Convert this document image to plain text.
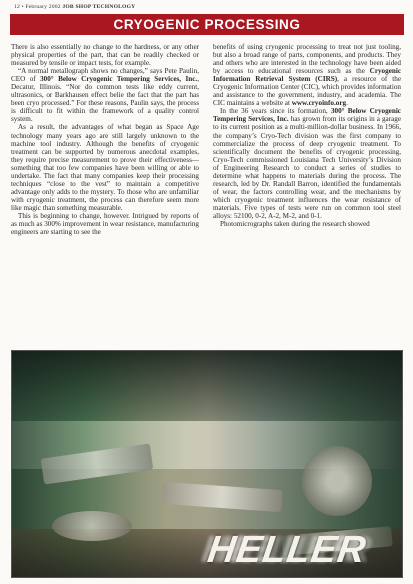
12 • February 2002 JOB SHOP TECHNOLOGY
CRYOGENIC PROCESSING

There is also essentially no change to the hardness, or any other physical properties of the part, that can be readily checked or measured by tensile or impact tests, for example.

“A normal metallograph shows no changes,” says Pete Paulin, CEO of 300° Below Cryogenic Tempering Services, Inc., Decatur, Illinois. “Nor do common tests like eddy current, ultrasonics, or Barkhausen effect belie the fact that the part has been cryo processed.” For these reasons, Paulin says, the process is difficult to fit within the framework of a quality control system.

As a result, the advantages of what began as Space Age technology many years ago are still largely unknown to the machine tool industry. Although the benefits of cryogenic treatment can be supported by numerous anecdotal examples, they require precise measurement to prove their effectiveness—something that too few companies have been willing or able to undertake. The fact that many companies keep their processing techniques “close to the vest” to maintain a competitive advantage only adds to the mystery. To those who are unfamiliar with cryogenic treatment, the process can therefore seem more like magic than something measurable.

This is beginning to change, however. Intrigued by reports of as much as 300% improvement in wear resistance, manufacturing engineers are starting to see the

benefits of using cryogenic processing to treat not just tooling, but also a broad range of parts, components, and products. They and others who are interested in the technology have been aided by access to educational resources such as the Cryogenic Information Retrieval System (CIRS), a resource of the Cryogenic Information Center (CIC), which provides information and assistance to the government, industry, and academia. The CIC maintains a website at www.cryoinfo.org.

In the 36 years since its formation, 300° Below Cryogenic Tempering Services, Inc. has grown from its origins in a garage to its current position as a multi-million-dollar business. In 1966, the company’s Cryo-Tech division was the first company to commercialize the process of deep cryogenic treatment. To scientifically document the benefits of cryogenic processing, Cryo-Tech commissioned Louisiana Tech University’s Division of Engineering Research to conduct a series of studies to determine what happens to materials during the process. The research, led by Dr. Randall Barron, identified the fundamentals of wear, the factors controlling wear, and the mechanisms by which cryogenic treatment influences the wear resistance of materials. Five types of tests were run on common tool steel alloys: 52100, 0-2, A-2, M-2, and 0-1.

Photomicrographs taken during the research showed

HELLER
